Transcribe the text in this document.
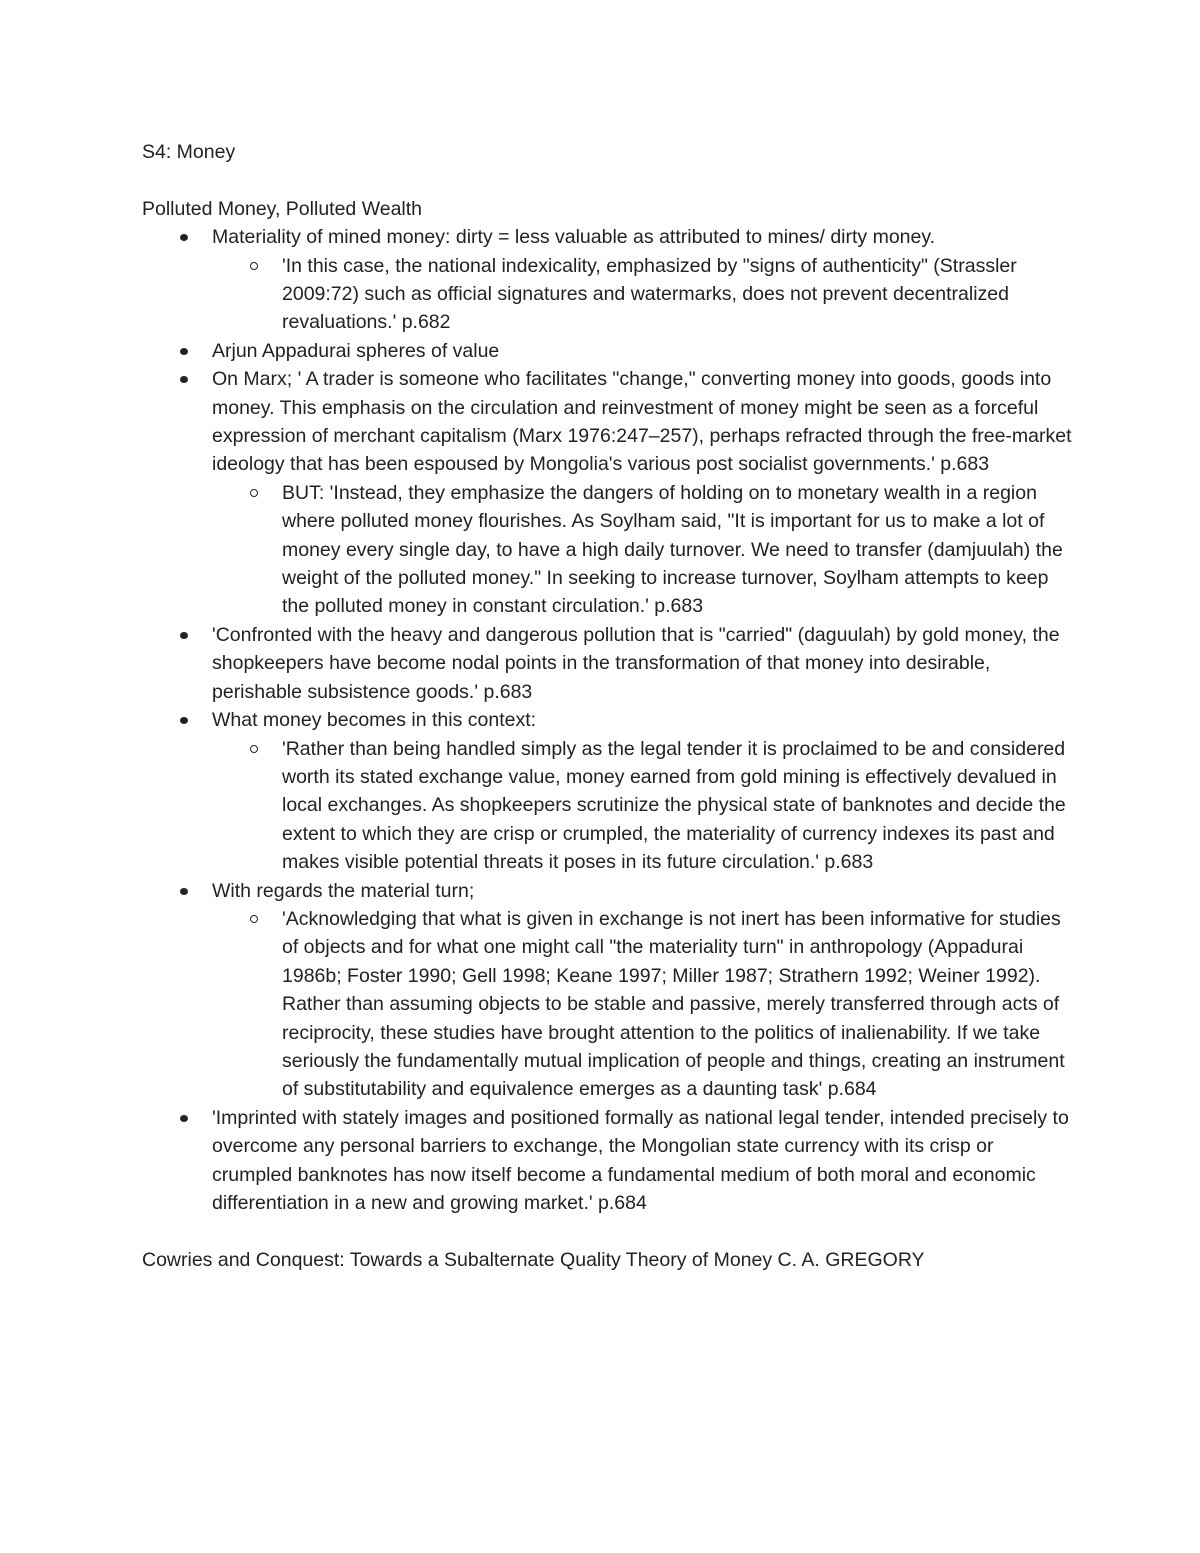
S4: Money
Polluted Money, Polluted Wealth
Materiality of mined money: dirty = less valuable as attributed to mines/ dirty money.
'In this case, the national indexicality, emphasized by "signs of authenticity" (Strassler 2009:72) such as official signatures and watermarks, does not prevent decentralized revaluations.' p.682
Arjun Appadurai spheres of value
On Marx; ' A trader is someone who facilitates "change," converting money into goods, goods into money. This emphasis on the circulation and reinvestment of money might be seen as a forceful expression of merchant capitalism (Marx 1976:247–257), perhaps refracted through the free-market ideology that has been espoused by Mongolia's various post socialist governments.' p.683
BUT: 'Instead, they emphasize the dangers of holding on to monetary wealth in a region where polluted money flourishes. As Soylham said, "It is important for us to make a lot of money every single day, to have a high daily turnover. We need to transfer (damjuulah) the weight of the polluted money." In seeking to increase turnover, Soylham attempts to keep the polluted money in constant circulation.' p.683
'Confronted with the heavy and dangerous pollution that is "carried" (daguulah) by gold money, the shopkeepers have become nodal points in the transformation of that money into desirable, perishable subsistence goods.' p.683
What money becomes in this context:
'Rather than being handled simply as the legal tender it is proclaimed to be and considered worth its stated exchange value, money earned from gold mining is effectively devalued in local exchanges. As shopkeepers scrutinize the physical state of banknotes and decide the extent to which they are crisp or crumpled, the materiality of currency indexes its past and makes visible potential threats it poses in its future circulation.' p.683
With regards the material turn;
'Acknowledging that what is given in exchange is not inert has been informative for studies of objects and for what one might call "the materiality turn" in anthropology (Appadurai 1986b; Foster 1990; Gell 1998; Keane 1997; Miller 1987; Strathern 1992; Weiner 1992). Rather than assuming objects to be stable and passive, merely transferred through acts of reciprocity, these studies have brought attention to the politics of inalienability. If we take seriously the fundamentally mutual implication of people and things, creating an instrument of substitutability and equivalence emerges as a daunting task' p.684
'Imprinted with stately images and positioned formally as national legal tender, intended precisely to overcome any personal barriers to exchange, the Mongolian state currency with its crisp or crumpled banknotes has now itself become a fundamental medium of both moral and economic differentiation in a new and growing market.' p.684
Cowries and Conquest: Towards a Subalternate Quality Theory of Money C. A. GREGORY
